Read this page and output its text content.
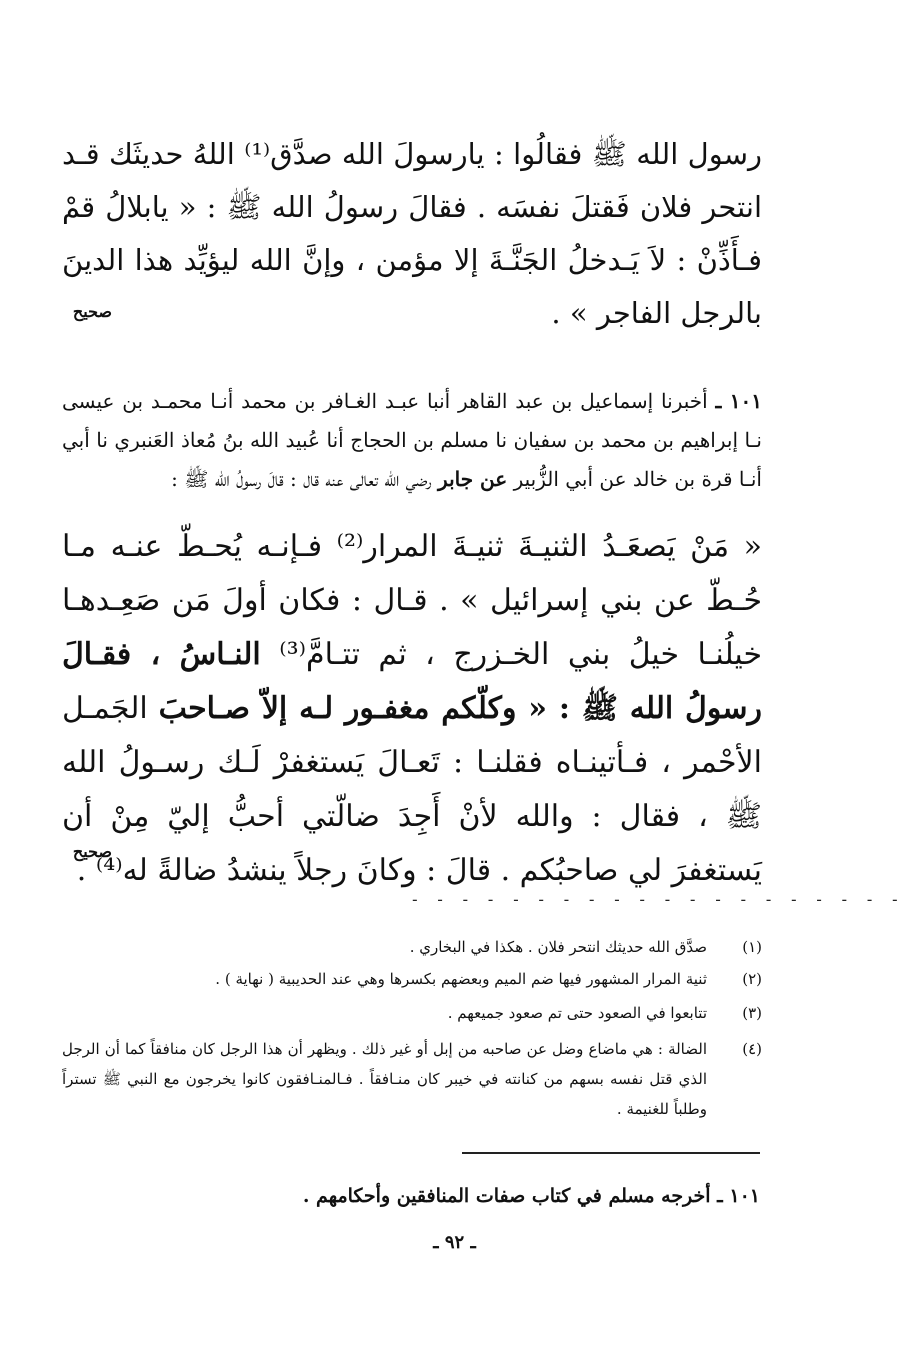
رسول الله ﷺ فقالُوا : يارسولَ الله صدَّق⁽¹⁾ اللهُ حديثَك قـد انتحر فلان فَقتلَ نفسَه . فقالَ رسولُ الله ﷺ : « يابلالُ قمْ فـأَذِّنْ : لاَ يَـدخلُ الجَنَّـةَ إلا مؤمن ، وإنَّ الله ليؤيِّد هذا الدينَ بالرجل الفاجر » .

صحيح

١٠١ ـ أخبرنا إسماعيل بن عبد القاهر أنبا عبـد الغـافر بن محمد أنـا محمـد بن عيسى نـا إبراهيم بن محمد بن سفيان نا مسلم بن الحجاج أنا عُبيد الله بنُ مُعاذ العَنبري نا أبي أنـا قرة بن خالد عن أبي الزُّبير عن جابر رضي الله تعالى عنه قال : قالَ رسولُ الله ﷺ :

« مَنْ يَصعَـدُ الثنيـةَ ثنيـةَ المرار⁽²⁾ فـإنـه يُحـطّ عنـه مـا حُـطّ عن بني إسرائيل » . قـال : فكان أولَ مَن صَعِـدهـا خيلُنـا خيلُ بني الخـزرج ، ثم تتـامَّ⁽³⁾ النـاسُ ، فقـالَ رسولُ الله ﷺ : « وكلّكم مغفـور لـه إلاّ صـاحبَ الجَمـل الأحْمر ، فـأتينـاه فقلنـا : تَعـالَ يَستغفرْ لَـك رسـولُ الله ﷺ ، فقال : والله لأنْ أَجِدَ ضالّتي أحبُّ إليّ مِنْ أن يَستغفرَ لي صاحبُكم . قالَ : وكانَ رجلاً ينشدُ ضالةً له⁽⁴⁾ .

صحيح
- - - - - - - - - - - - - - - - - - - -
(١)
صدَّق الله حديثك انتحر فلان . هكذا في البخاري .
(٢)
ثنية المرار المشهور فيها ضم الميم وبعضهم بكسرها وهي عند الحديبية ( نهاية ) .
(٣)
تتابعوا في الصعود حتى تم صعود جميعهم .
(٤)
الضالة : هي ماضاع وضل عن صاحبه من إبل أو غير ذلك . ويظهر أن هذا الرجل كان منافقاً كما أن الرجل الذي قتل نفسه بسهم من كنانته في خيبر كان منـافقاً . فـالمنـافقون كانوا يخرجون مع النبي ﷺ تستراً وطلباً للغنيمة .
١٠١ ـ أخرجه مسلم في كتاب صفات المنافقين وأحكامهم .
ـ ٩٢ ـ
